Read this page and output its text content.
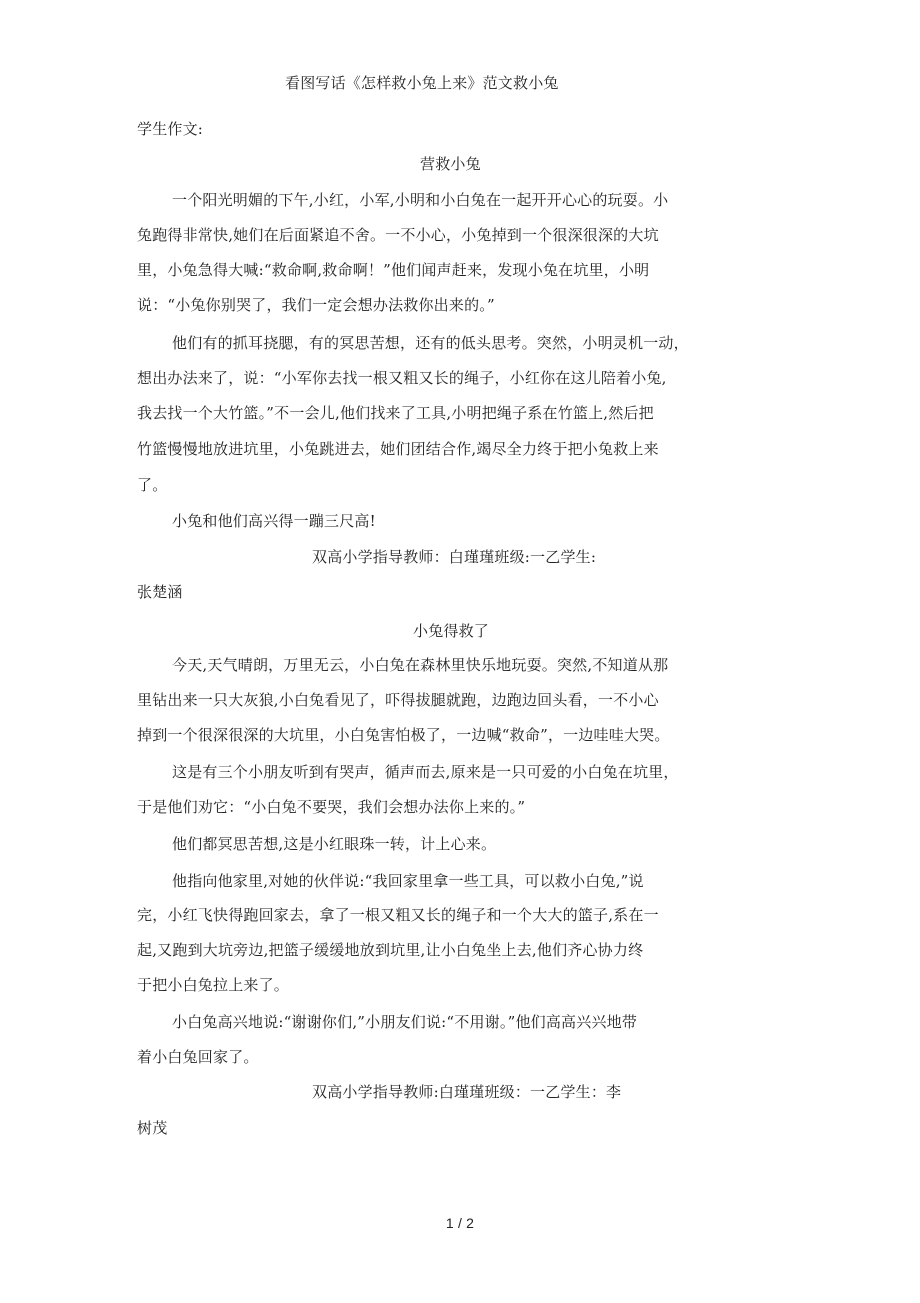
看图写话《怎样救小兔上来》范文救小兔
学生作文:
营救小兔
一个阳光明媚的下午,小红，小军,小明和小白兔在一起开开心心的玩耍。小
兔跑得非常快,她们在后面紧追不舍。一不小心，小兔掉到一个很深很深的大坑
里，小兔急得大喊:“救命啊,救命啊！”他们闻声赶来，发现小兔在坑里，小明
说：“小兔你别哭了，我们一定会想办法救你出来的。”
他们有的抓耳挠腮，有的冥思苦想，还有的低头思考。突然，小明灵机一动，
想出办法来了，说：“小军你去找一根又粗又长的绳子，小红你在这儿陪着小兔,
我去找一个大竹篮。”不一会儿,他们找来了工具,小明把绳子系在竹篮上,然后把
竹篮慢慢地放进坑里，小兔跳进去，她们团结合作,竭尽全力终于把小兔救上来
了。
小兔和他们高兴得一蹦三尺高!
双高小学指导教师：白瑾瑾班级:一乙学生:
张楚涵
小兔得救了
今天,天气晴朗，万里无云，小白兔在森林里快乐地玩耍。突然,不知道从那
里钻出来一只大灰狼,小白兔看见了，吓得拔腿就跑，边跑边回头看，一不小心
掉到一个很深很深的大坑里，小白兔害怕极了，一边喊“救命”，一边哇哇大哭。
这是有三个小朋友听到有哭声，循声而去,原来是一只可爱的小白兔在坑里，
于是他们劝它：“小白兔不要哭，我们会想办法你上来的。”
他们都冥思苦想,这是小红眼珠一转，计上心来。
他指向他家里,对她的伙伴说:“我回家里拿一些工具，可以救小白兔,”说
完，小红飞快得跑回家去，拿了一根又粗又长的绳子和一个大大的篮子,系在一
起,又跑到大坑旁边,把篮子缓缓地放到坑里,让小白兔坐上去,他们齐心协力终
于把小白兔拉上来了。
小白兔高兴地说:“谢谢你们,”小朋友们说:“不用谢。”他们高高兴兴地带
着小白兔回家了。
双高小学指导教师:白瑾瑾班级：一乙学生：李
树茂
1 / 2
